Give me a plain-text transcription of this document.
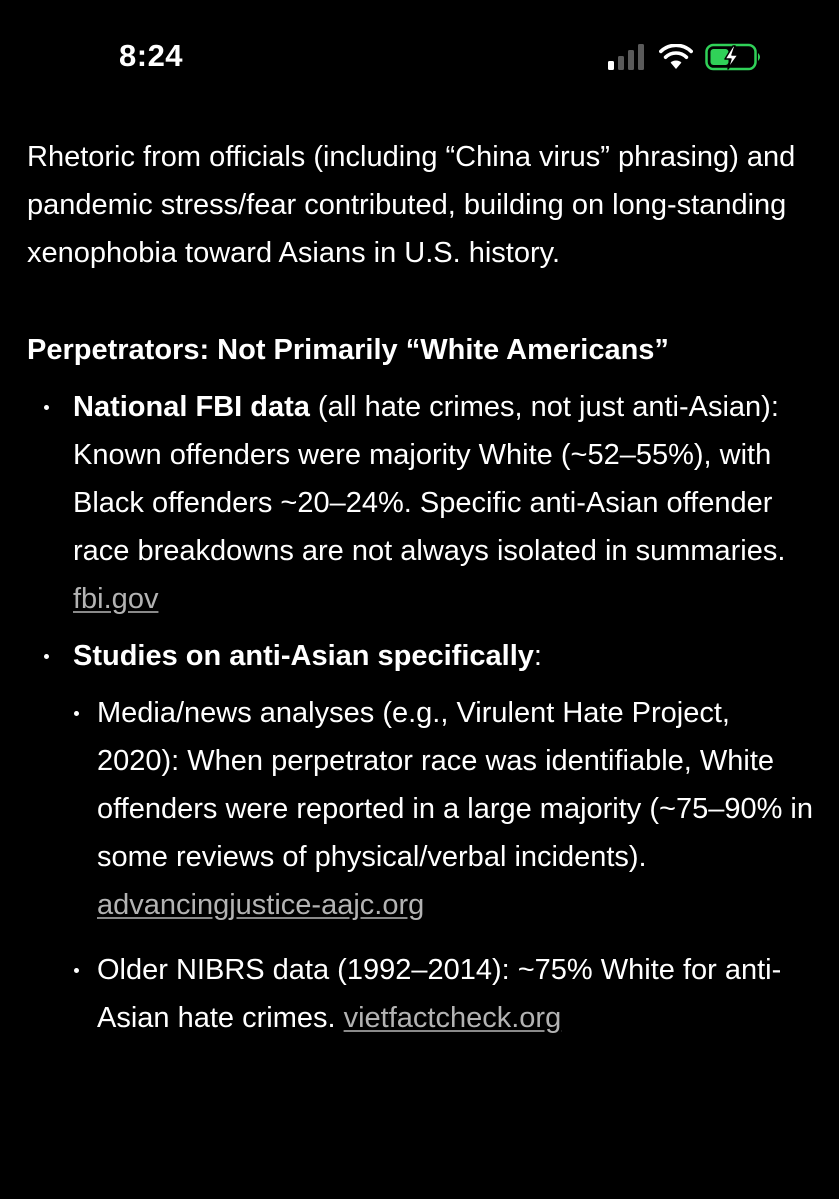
8:24

Rhetoric from officials (including “China virus” phrasing) and pandemic stress/fear contributed, building on long-standing xenophobia toward Asians in U.S. history.

Perpetrators: Not Primarily “White Americans”

National FBI data (all hate crimes, not just anti-Asian): Known offenders were majority White (~52–55%), with Black offenders ~20–24%. Specific anti-Asian offender race breakdowns are not always isolated in summaries. fbi.gov
Studies on anti-Asian specifically:
Media/news analyses (e.g., Virulent Hate Project, 2020): When perpetrator race was identifiable, White offenders were reported in a large majority (~75–90% in some reviews of physical/verbal incidents). advancingjustice-aajc.org
Older NIBRS data (1992–2014): ~75% White for anti-Asian hate crimes. vietfactcheck.org
